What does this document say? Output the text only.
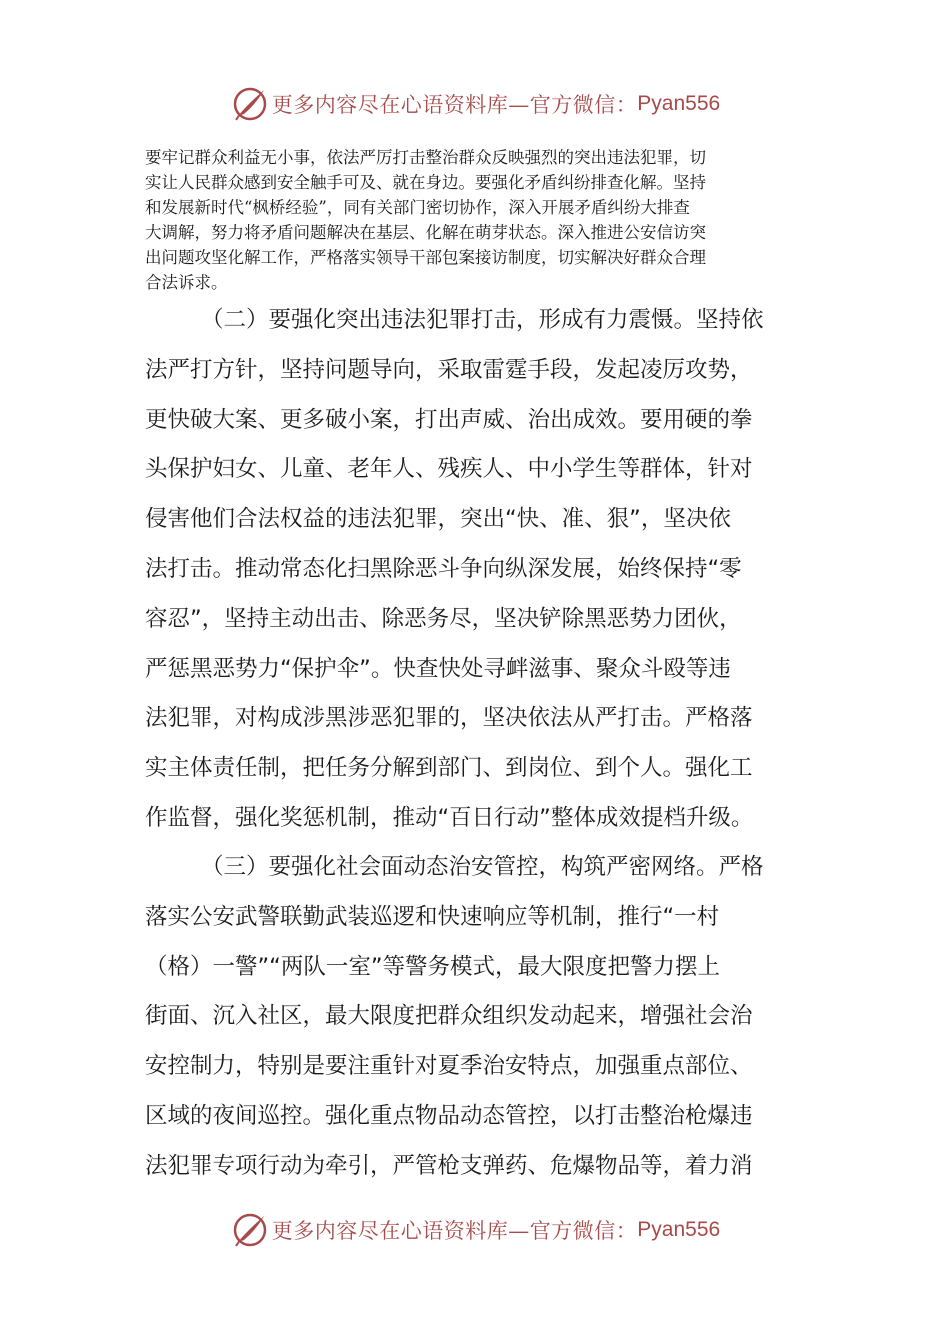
更多内容尽在心语资料库—官方微信： Pyan556
要牢记群众利益无小事，依法严厉打击整治群众反映强烈的突出违法犯罪，切
实让人民群众感到安全触手可及、就在身边。要强化矛盾纠纷排查化解。坚持
和发展新时代“枫桥经验”，同有关部门密切协作，深入开展矛盾纠纷大排查
大调解，努力将矛盾问题解决在基层、化解在萌芽状态。深入推进公安信访突
出问题攻坚化解工作，严格落实领导干部包案接访制度，切实解决好群众合理
合法诉求。
（二）要强化突出违法犯罪打击，形成有力震慑。坚持依
法严打方针，坚持问题导向，采取雷霆手段，发起凌厉攻势，
更快破大案、更多破小案，打出声威、治出成效。要用硬的拳
头保护妇女、儿童、老年人、残疾人、中小学生等群体，针对
侵害他们合法权益的违法犯罪，突出“快、准、狠”，坚决依
法打击。推动常态化扫黑除恶斗争向纵深发展，始终保持“零
容忍”，坚持主动出击、除恶务尽，坚决铲除黑恶势力团伙，
严惩黑恶势力“保护伞”。快查快处寻衅滋事、聚众斗殴等违
法犯罪，对构成涉黑涉恶犯罪的，坚决依法从严打击。严格落
实主体责任制，把任务分解到部门、到岗位、到个人。强化工
作监督，强化奖惩机制，推动“百日行动”整体成效提档升级。
（三）要强化社会面动态治安管控，构筑严密网络。严格
落实公安武警联勤武装巡逻和快速响应等机制，推行“一村
（格）一警”“两队一室”等警务模式，最大限度把警力摆上
街面、沉入社区，最大限度把群众组织发动起来，增强社会治
安控制力，特别是要注重针对夏季治安特点，加强重点部位、
区域的夜间巡控。强化重点物品动态管控，以打击整治枪爆违
法犯罪专项行动为牵引，严管枪支弹药、危爆物品等，着力消
更多内容尽在心语资料库—官方微信： Pyan556
